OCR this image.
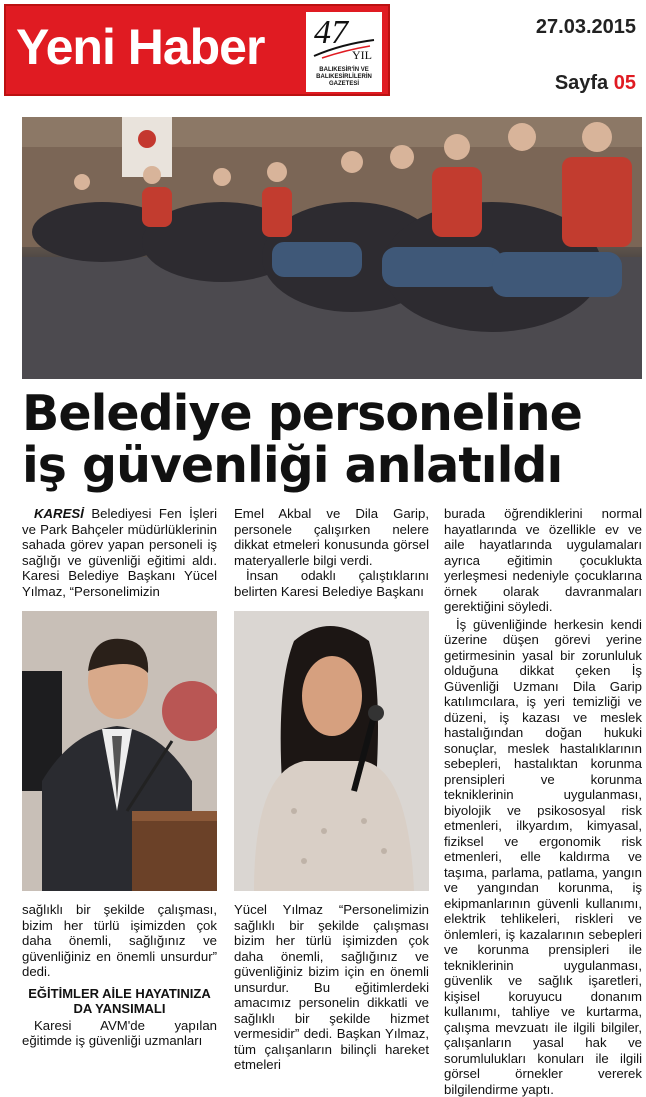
Yeni Haber 47
YIL
BALIKESİR'İN VE BALIKESİRLİLERİN GAZETESİ
27.03.2015
Sayfa 05
Belediye personeline
iş güvenliği anlatıldı

KARESİ Belediyesi Fen İşleri ve Park Bahçeler müdürlüklerinin sahada görev yapan personeli iş sağlığı ve güvenliği eğitimi aldı. Karesi Belediye Başkanı Yücel Yılmaz, “Personelimizin

sağlıklı bir şekilde çalışması, bizim her türlü işimizden çok daha önemli, sağlığınız ve güvenliğiniz en önemli unsurdur” dedi.

EĞİTİMLER AİLE HAYATINIZA DA YANSIMALI

Karesi AVM'de yapılan eğitimde iş güvenliği uzmanları

Emel Akbal ve Dila Garip, personele çalışırken nelere dikkat etmeleri konusunda görsel materyallerle bilgi verdi.

İnsan odaklı çalıştıklarını belirten Karesi Belediye Başkanı

Yücel Yılmaz “Personelimizin sağlıklı bir şekilde çalışması bizim her türlü işimizden çok daha önemli, sağlığınız ve güvenliğiniz bizim için en önemli unsurdur. Bu eğitimlerdeki amacımız personelin dikkatli ve sağlıklı bir şekilde hizmet vermesidir” dedi. Başkan Yılmaz, tüm çalışanların bilinçli hareket etmeleri

burada öğrendiklerini normal hayatlarında ve özellikle ev ve aile hayatlarında uygulamaları ayrıca eğitimin çocuklukta yerleşmesi nedeniyle çocuklarına örnek olarak davranmaları gerektiğini söyledi.

İş güvenliğinde herkesin kendi üzerine düşen görevi yerine getirmesinin yasal bir zorunluluk olduğuna dikkat çeken İş Güvenliği Uzmanı Dila Garip katılımcılara, iş yeri temizliği ve düzeni, iş kazası ve meslek hastalığından doğan hukuki sonuçlar, meslek hastalıklarının sebepleri, hastalıktan korunma prensipleri ve korunma tekniklerinin uygulanması, biyolojik ve psikososyal risk etmenleri, ilkyardım, kimyasal, fiziksel ve ergonomik risk etmenleri, elle kaldırma ve taşıma, parlama, patlama, yangın ve yangından korunma, iş ekipmanlarının güvenli kullanımı, elektrik tehlikeleri, riskleri ve önlemleri, iş kazalarının sebepleri ve korunma prensipleri ile tekniklerinin uygulanması, güvenlik ve sağlık işaretleri, kişisel koruyucu donanım kullanımı, tahliye ve kurtarma, çalışma mevzuatı ile ilgili bilgiler, çalışanların yasal hak ve sorumlulukları konuları ile ilgili görsel örnekler vererek bilgilendirme yaptı.
